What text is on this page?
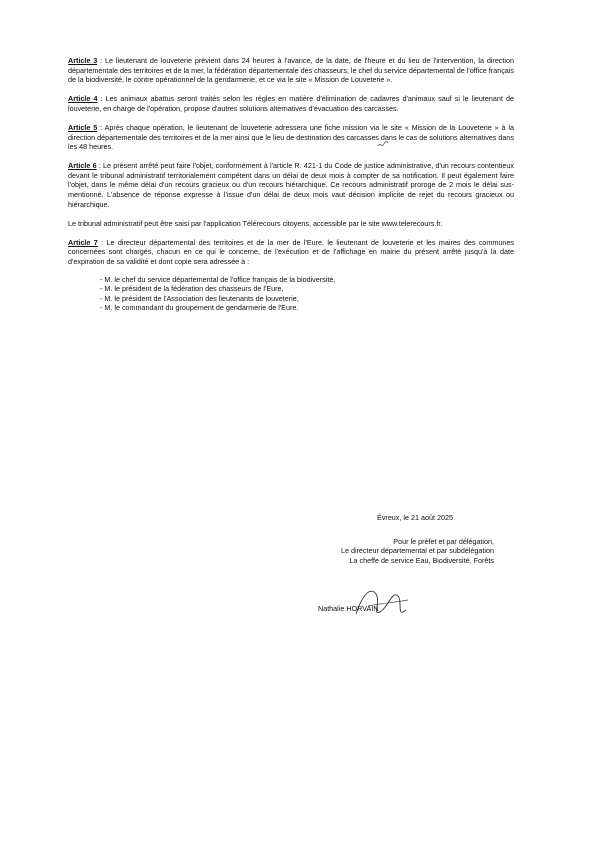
Article 3 : Le lieutenant de louveterie prévient dans 24 heures à l'avance, de la date, de l'heure et du lieu de l'intervention, la direction départementale des territoires et de la mer, la fédération départementale des chasseurs, le chef du service départemental de l'office français de la biodiversité, le contre opérationnel de la gendarmerie, et ce via le site « Mission de Louveterie ».

Article 4 : Les animaux abattus seront traités selon les règles en matière d'élimination de cadavres d'animaux sauf si le lieutenant de louveterie, en charge de l'opération, propose d'autres solutions alternatives d'évacuation des carcasses.

Article 5 : Après chaque opération, le lieutenant de louveterie adressera une fiche mission via le site « Mission de la Louveterie » à la direction départementale des territoires et de la mer ainsi que le lieu de destination des carcasses dans le cas de solutions alternatives dans les 48 heures.

Article 6 : Le présent arrêté peut faire l'objet, conformément à l'article R. 421-1 du Code de justice administrative, d'un recours contentieux devant le tribunal administratif territorialement compétent dans un délai de deux mois à compter de sa notification. Il peut également faire l'objet, dans le même délai d'un recours gracieux ou d'un recours hiérarchique. Ce recours administratif proroge de 2 mois le délai sus-mentionné. L'absence de réponse expresse à l'issue d'un délai de deux mois vaut décision implicite de rejet du recours gracieux ou hiérarchique.

Le tribunal administratif peut être saisi par l'application Télérecours citoyens, accessible par le site www.telerecours.fr.

Article 7 : Le directeur départemental des territoires et de la mer de l'Eure, le lieutenant de louveterie et les maires des communes concernées sont chargés, chacun en ce qui le concerne, de l'exécution et de l'affichage en mairie du présent arrêté jusqu'à la date d'expiration de sa validité et dont copie sera adressée à :

- M. le chef du service départemental de l'office français de la biodiversité,
- M. le président de la fédération des chasseurs de l'Eure,
- M. le président de l'Association des lieutenants de louveterie,
- M. le commandant du groupement de gendarmerie de l'Eure.
Évreux, le 21 août 2025
Pour le préfet et par délégation,
Le directeur départemental et par subdélégation
La cheffe de service Eau, Biodiversité, Forêts
Nathalie HORVAIN
